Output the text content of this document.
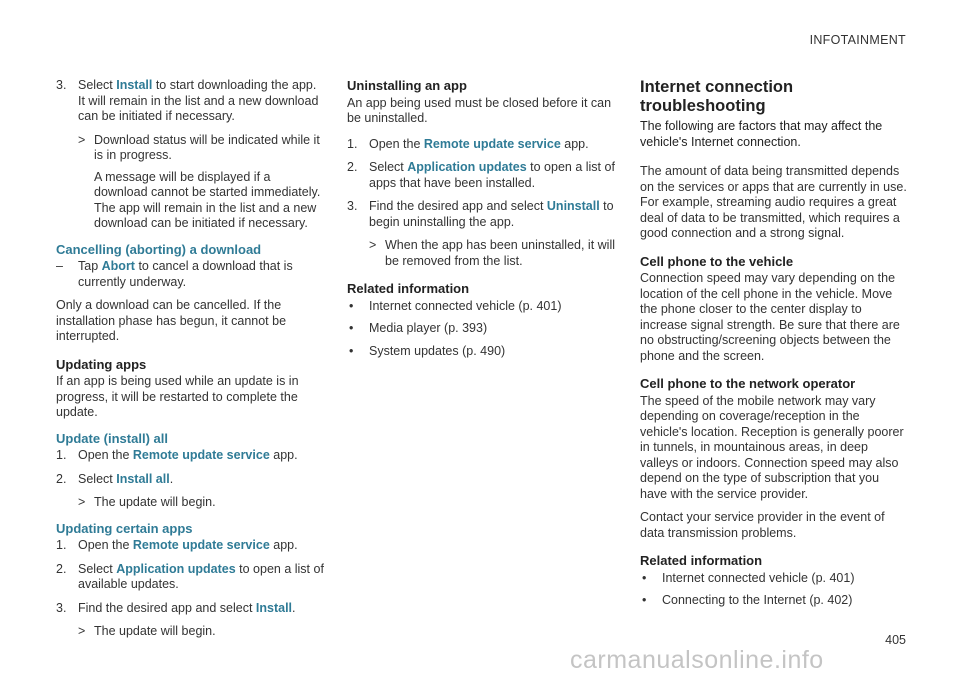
INFOTAINMENT
3. Select Install to start downloading the app. It will remain in the list and a new download can be initiated if necessary.
> Download status will be indicated while it is in progress.

A message will be displayed if a download cannot be started immediately. The app will remain in the list and a new download can be initiated if necessary.

Cancelling (aborting) a download
– Tap Abort to cancel a download that is currently underway.

Only a download can be cancelled. If the installation phase has begun, it cannot be interrupted.

Updating apps

If an app is being used while an update is in progress, it will be restarted to complete the update.

Update (install) all
1. Open the Remote update service app.
2. Select Install all.
> The update will begin.
Updating certain apps
1. Open the Remote update service app.
2. Select Application updates to open a list of available updates.
3. Find the desired app and select Install.
> The update will begin.
Uninstalling an app

An app being used must be closed before it can be uninstalled.

1. Open the Remote update service app.
2. Select Application updates to open a list of apps that have been installed.
3. Find the desired app and select Uninstall to begin uninstalling the app.
> When the app has been uninstalled, it will be removed from the list.
Related information
• Internet connected vehicle (p. 401)
• Media player (p. 393)
• System updates (p. 490)
Internet connection troubleshooting

The following are factors that may affect the vehicle's Internet connection.

The amount of data being transmitted depends on the services or apps that are currently in use. For example, streaming audio requires a great deal of data to be transmitted, which requires a good connection and a strong signal.

Cell phone to the vehicle

Connection speed may vary depending on the location of the cell phone in the vehicle. Move the phone closer to the center display to increase signal strength. Be sure that there are no obstructing/screening objects between the phone and the screen.

Cell phone to the network operator

The speed of the mobile network may vary depending on coverage/reception in the vehicle's location. Reception is generally poorer in tunnels, in mountainous areas, in deep valleys or indoors. Connection speed may also depend on the type of subscription that you have with the service provider.

Contact your service provider in the event of data transmission problems.

Related information
• Internet connected vehicle (p. 401)
• Connecting to the Internet (p. 402)
405
carmanualsonline.info
